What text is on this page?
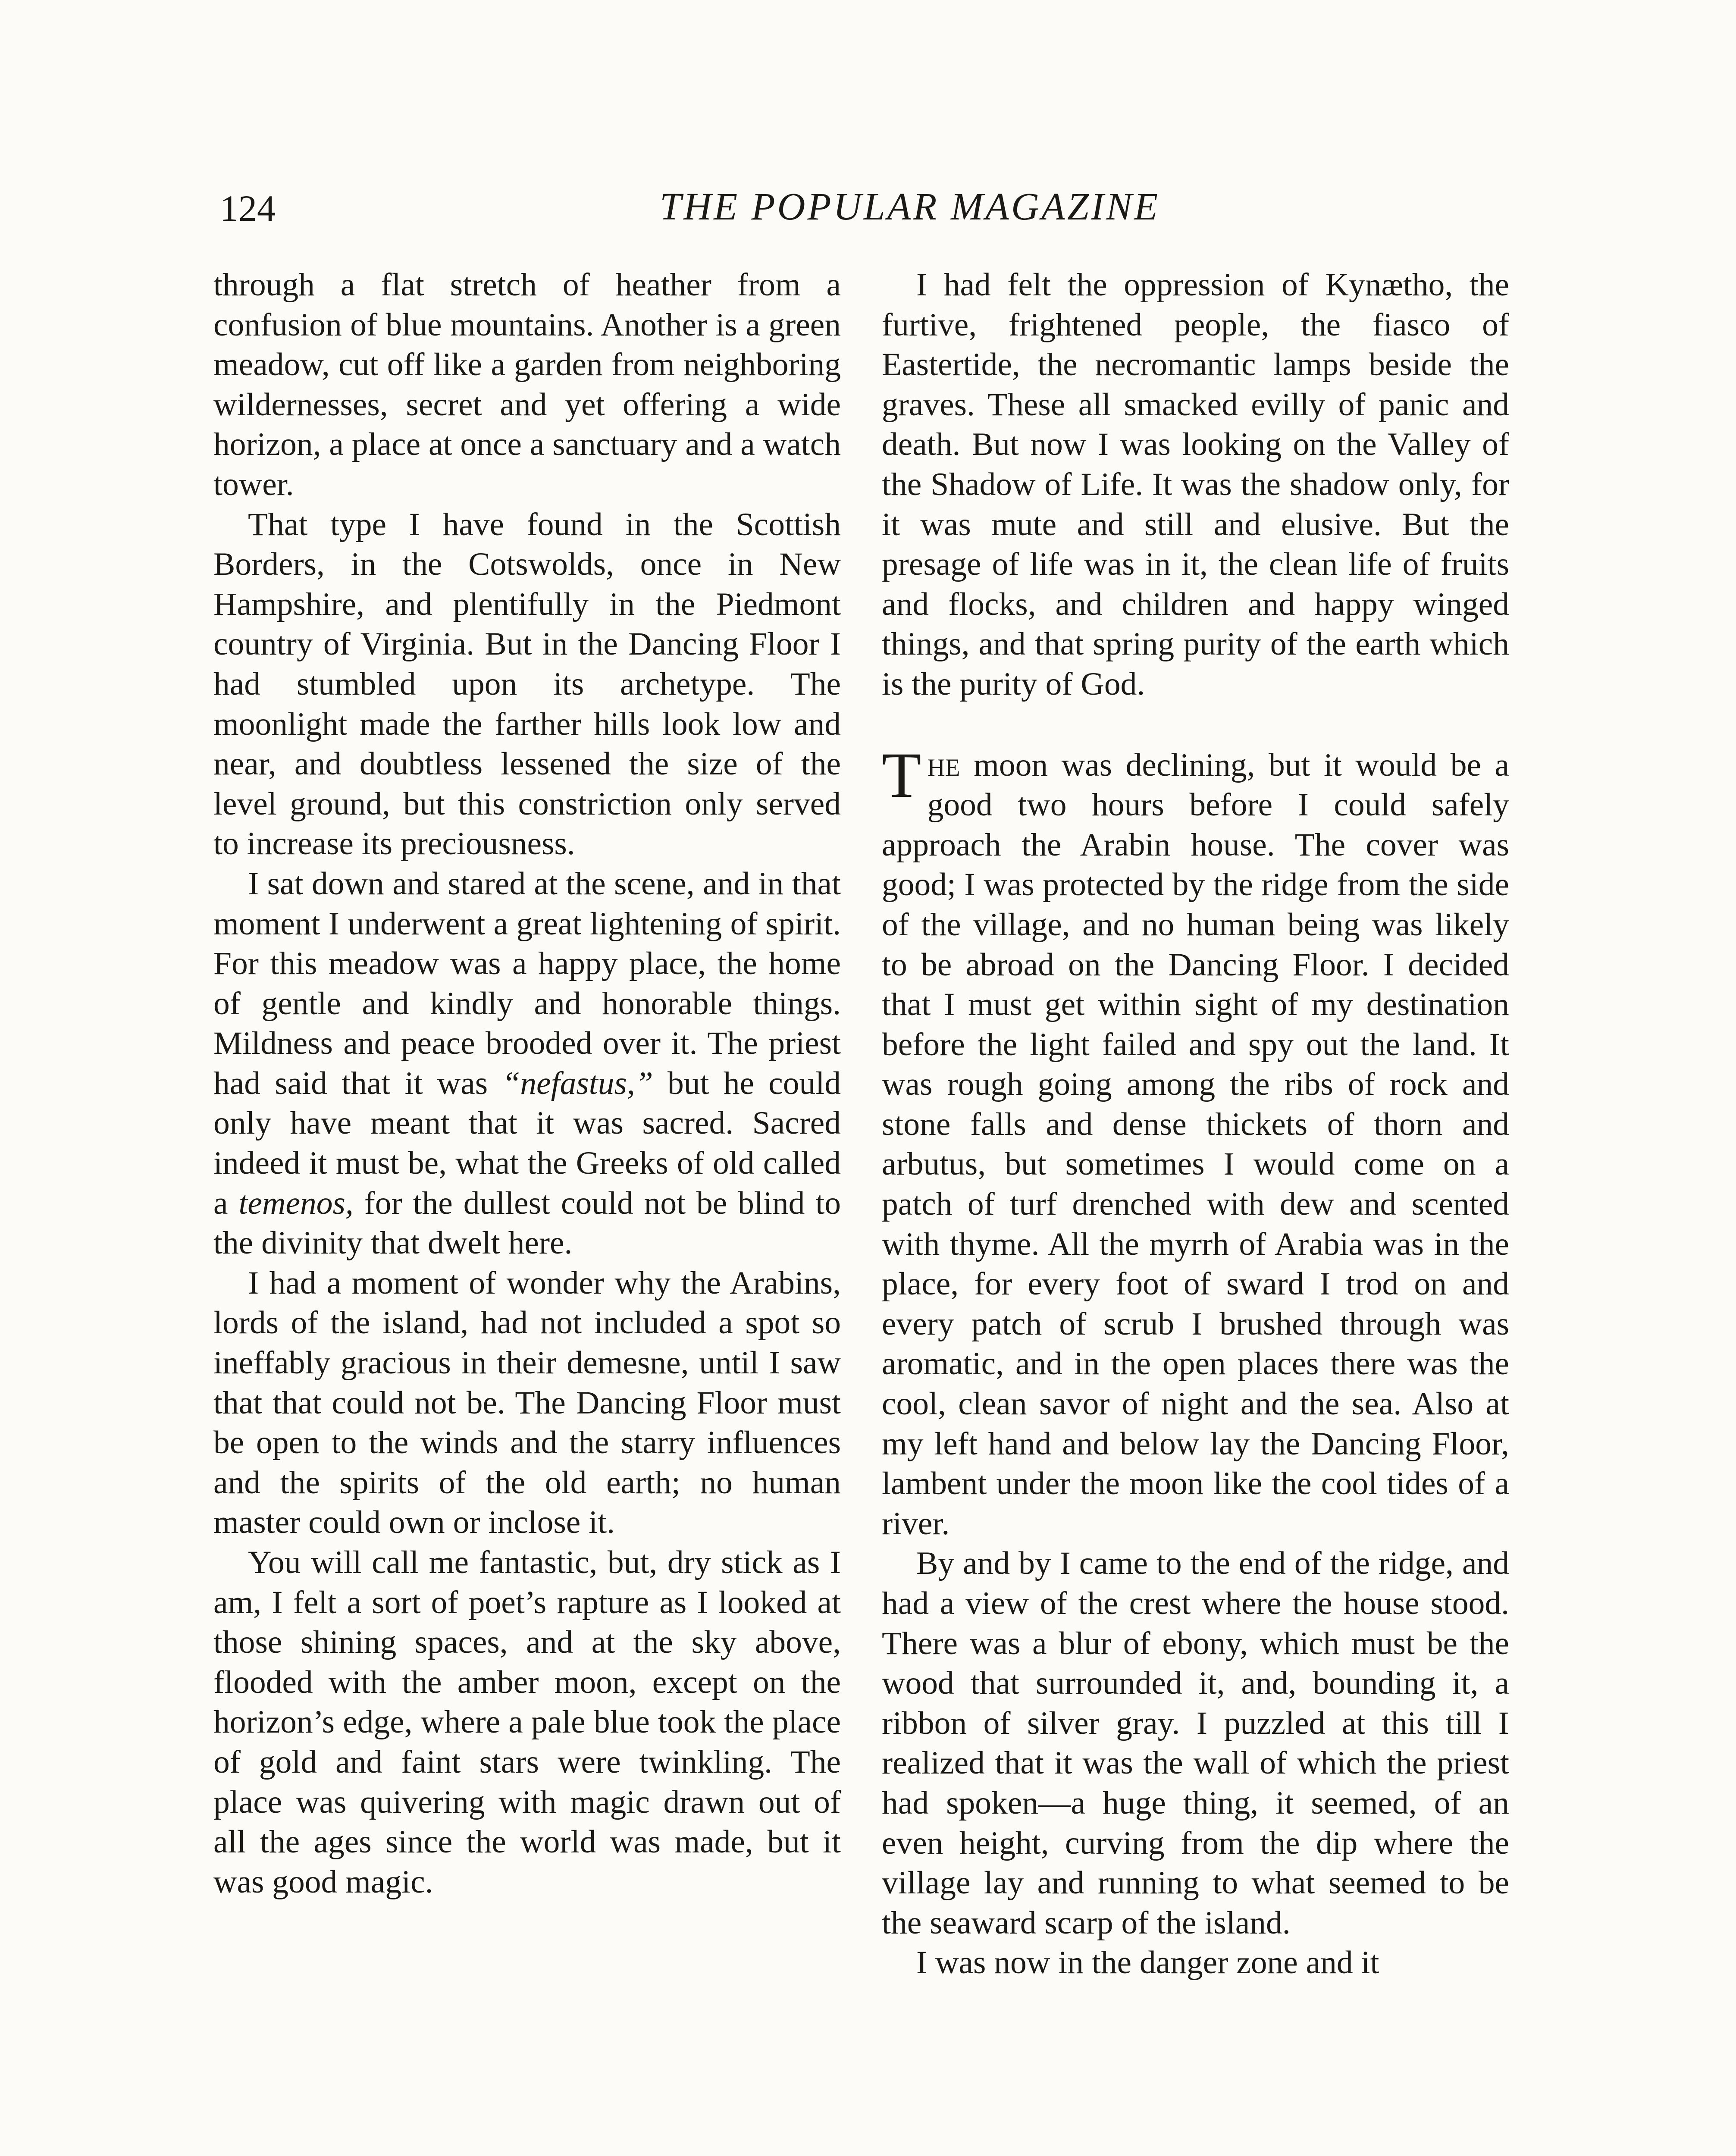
124	THE POPULAR MAGAZINE

through a flat stretch of heather from a confusion of blue mountains. Another is a green meadow, cut off like a garden from neighboring wildernesses, secret and yet offering a wide horizon, a place at once a sanctuary and a watch tower.

That type I have found in the Scottish Borders, in the Cotswolds, once in New Hampshire, and plentifully in the Piedmont country of Virginia. But in the Dancing Floor I had stumbled upon its archetype. The moonlight made the farther hills look low and near, and doubtless lessened the size of the level ground, but this constriction only served to increase its preciousness.

I sat down and stared at the scene, and in that moment I underwent a great lightening of spirit. For this meadow was a happy place, the home of gentle and kindly and honorable things. Mildness and peace brooded over it. The priest had said that it was “nefastus,” but he could only have meant that it was sacred. Sacred indeed it must be, what the Greeks of old called a temenos, for the dullest could not be blind to the divinity that dwelt here.

I had a moment of wonder why the Arabins, lords of the island, had not included a spot so ineffably gracious in their demesne, until I saw that that could not be. The Dancing Floor must be open to the winds and the starry influences and the spirits of the old earth; no human master could own or inclose it.

You will call me fantastic, but, dry stick as I am, I felt a sort of poet’s rapture as I looked at those shining spaces, and at the sky above, flooded with the amber moon, except on the horizon’s edge, where a pale blue took the place of gold and faint stars were twinkling. The place was quivering with magic drawn out of all the ages since the world was made, but it was good magic.

I had felt the oppression of Kynætho, the furtive, frightened people, the fiasco of Eastertide, the necromantic lamps beside the graves. These all smacked evilly of panic and death. But now I was looking on the Valley of the Shadow of Life. It was the shadow only, for it was mute and still and elusive. But the presage of life was in it, the clean life of fruits and flocks, and children and happy winged things, and that spring purity of the earth which is the purity of God.

The moon was declining, but it would be a good two hours before I could safely approach the Arabin house. The cover was good; I was protected by the ridge from the side of the village, and no human being was likely to be abroad on the Dancing Floor. I decided that I must get within sight of my destination before the light failed and spy out the land. It was rough going among the ribs of rock and stone falls and dense thickets of thorn and arbutus, but sometimes I would come on a patch of turf drenched with dew and scented with thyme. All the myrrh of Arabia was in the place, for every foot of sward I trod on and every patch of scrub I brushed through was aromatic, and in the open places there was the cool, clean savor of night and the sea. Also at my left hand and below lay the Dancing Floor, lambent under the moon like the cool tides of a river.

By and by I came to the end of the ridge, and had a view of the crest where the house stood. There was a blur of ebony, which must be the wood that surrounded it, and, bounding it, a ribbon of silver gray. I puzzled at this till I realized that it was the wall of which the priest had spoken—a huge thing, it seemed, of an even height, curving from the dip where the village lay and running to what seemed to be the seaward scarp of the island.

I was now in the danger zone and it
